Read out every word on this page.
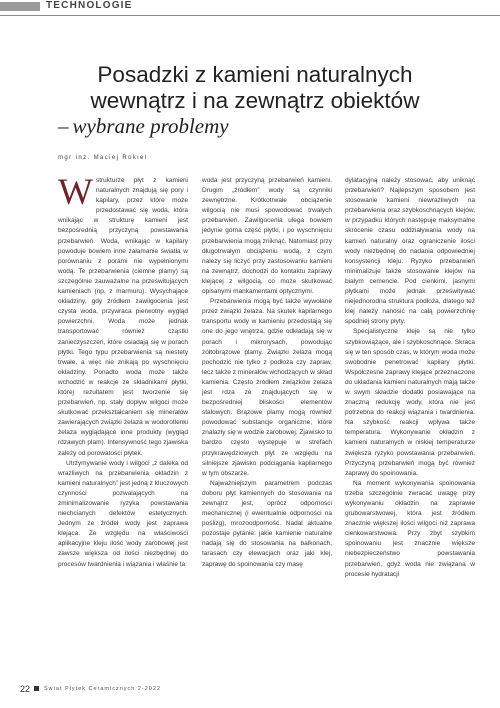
TECHNOLOGIE
Posadzki z kamieni naturalnych
wewnątrz i na zewnątrz obiektów
– wybrane problemy
mgr inż. Maciej Rokiel

Wstrukturze płyt z kamieni naturalnych znajdują się pory i kapilary, przez które może przedostawać się woda, która wnikając w strukturę kamieni jest bezpośrednią przyczyną powstawania przebarwień. Woda, wnikając w kapilary powoduje bowiem inne załamanie światła w porównaniu z porami nie wypełnionymi wodą. Te przebarwienia (ciemne plamy) są szczególnie zauważalne na prześwitujących kamieniach (np. z marmuru). Wysychające okładziny, gdy źródłem zawilgocenia jest czysta woda, przywraca pierwotny wygląd powierzchni. Woda może jednak transportować również cząstki zanieczyszczeń, które osiadają się w porach płytki. Tego typu przebarwienia są niestety trwałe, a więc nie znikają po wyschnięciu okładziny. Ponadto woda może także wchodzić w reakcje ze składnikami płytki, której rezultatem jest tworzenie się przebarwień, np. stały dopływ wilgoci może skutkować przekształcaniem się minerałów zawierających związki żelaza w wodorotlenki żelaza wyglądające inne produkty (wygląd rdzawych plam). Intensywność tego zjawiska zależy od porowatości płytek.

Utrzymywanie wody i wilgoci „z daleka od wrażliwych na przebarwienia okładzin z kamieni naturalnych” jest jedną z kluczowych czynności pozwalających na zminimalizowanie ryzyka powstawania niechcianych defektów estetycznych. Jednym ze źródeł wody jest zaprawa klejąca. Ze względu na właściwości aplikacyjne kleju ilość wody zarobowej jest zawsze większa od ilości niezbędnej do procesów twardnienia i wiązania i właśnie ta

woda jest przyczyną przebarwień kamieni. Drugim „źródłem” wody są czynniki zewnętrzne. Krótkotrwałe obciążenie wilgocią nie musi spowodować trwałych przebarwień. Zawilgocenia ulega bowiem jedynie górna część płytki, i po wyschnięciu przebarwienia mogą zniknąć. Natomiast przy długotrwałym obciążeniu wodą, z czym należy się liczyć przy zastosowaniu kamieni na zewnątrz, dochodzi do kontaktu zaprawy klejącej z wilgocią, co może skutkować opisanymi mankamentami optycznymi.

Przebarwienia mogą być także wywołane przez związki żelaza. Na skutek kapilarnego transportu wody w kamieniu przedostają się one do jego wnętrza, gdzie odkładają się w porach i mikrorysach, powodując żółtobrązowe plamy. Związki żelaza mogą pochodzić nie tylko z podłoża czy zapraw, lecz także z minerałów wchodzących w skład kamienia. Często źródłem związków żelaza jest rdza ze znajdujących się w bezpośredniej bliskości elementów stalowych. Brązowe plamy mogą również powodować substancje organiczne, które znalazły się w wodzie zarobowej. Zjawisko to bardzo często występuje w strefach przykrawędziowych płyt ze względu na silniejsze zjawisko podciągania kapilarnego w tym obszarze.

Najważniejszym parametrem podczas doboru płyt kamiennych do stosowania na zewnątrz jest, oprócz odporności mechanicznej (i ewentualnie odporności na poślizg), mrozoodporność. Nadal aktualne pozostaje pytanie: jakie kamienie naturalne nadają się do stosowania na balkonach, tarasach czy elewacjach oraz jaki klej, zaprawę do spoinowania czy masę

dylatacyjną należy stosować, aby uniknąć przebarwień? Najlepszym sposobem jest stosowanie kamieni niewrażliwych na przebarwienia oraz szybkoschnących klejów, w przypadku których następuje maksymalne skrócenie czasu oddziaływania wody na kamień naturalny oraz ograniczenie ilości wody niezbędnej do nadania odpowiedniej konsystencji kleju. Ryzyko przebarwień minimalizuje także stosowanie klejów na białym cemencie. Pod cienkimi, jasnymi płytkami może jednak prześwitywać niejednorodna struktura podłoża, dlatego też klej należy nanosić na całą powierzchnię spodniej strony płyty.

Specjalistyczne kleje są nie tylko szybkowiążące, ale i szybkoschnące. Skraca się w ten sposób czas, w którym woda może swobodnie penetrować kapilary płytki. Współczesne zaprawy klejące przeznaczone do układania kamieni naturalnych mają także w swym składzie dodatki posiawające na znaczną redukcję wody, która nie jest potrzebna do reakcji wiązania i twardnienia. Na szybkość reakcji wpływa także temperatura. Wykonywanie okładzin z kamieni naturalnych w niskiej temperaturze zwiększa ryzyko powstawania przebarwień. Przyczyną przebarwień mogą być również zaprawy do spoinowania.

Na moment wykonywania spoinowania trzeba szczególnie zwracać uwagę przy wykonywaniu okładzin na zaprawie grubowarstwowej, która jest źródłem znacznie większej ilości wilgoci niż zaprawa cienkowarstwowa. Przy zbyt szybkim spoinowaniu jest znacznie większe niebezpieczeństwo powstawania przebarwień, gdyż woda nie związana w procesie hydratacji

22	Świat Płytek Ceramicznych 2-2022
